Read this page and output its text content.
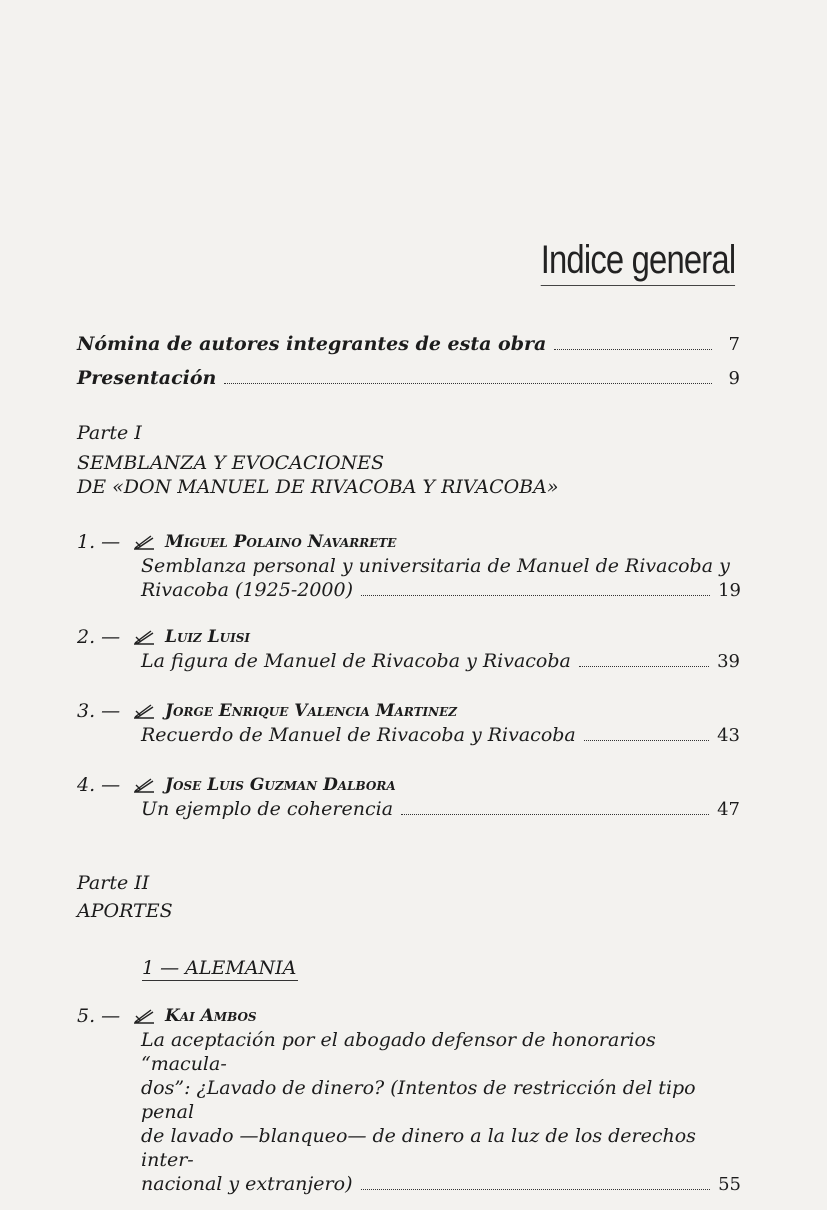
Indice general
Nómina de autores integrantes de esta obra	7
Presentación	9
Parte I
SEMBLANZA Y EVOCACIONES
DE «DON MANUEL DE RIVACOBA Y RIVACOBA»
1. —	Miguel Polaino Navarrete
Semblanza personal y universitaria de Manuel de Rivacoba y
Rivacoba (1925-2000)	19
2. —	Luiz Luisi
La figura de Manuel de Rivacoba y Rivacoba	39
3. —	Jorge Enrique Valencia Martinez
Recuerdo de Manuel de Rivacoba y Rivacoba	43
4. —	Jose Luis Guzman Dalbora
Un ejemplo de coherencia	47
Parte II
APORTES
1 — ALEMANIA
5. —	Kai Ambos
La aceptación por el abogado defensor de honorarios “macula-
dos”: ¿Lavado de dinero? (Intentos de restricción del tipo penal
de lavado —blanqueo— de dinero a la luz de los derechos inter-
nacional y extranjero)	55
